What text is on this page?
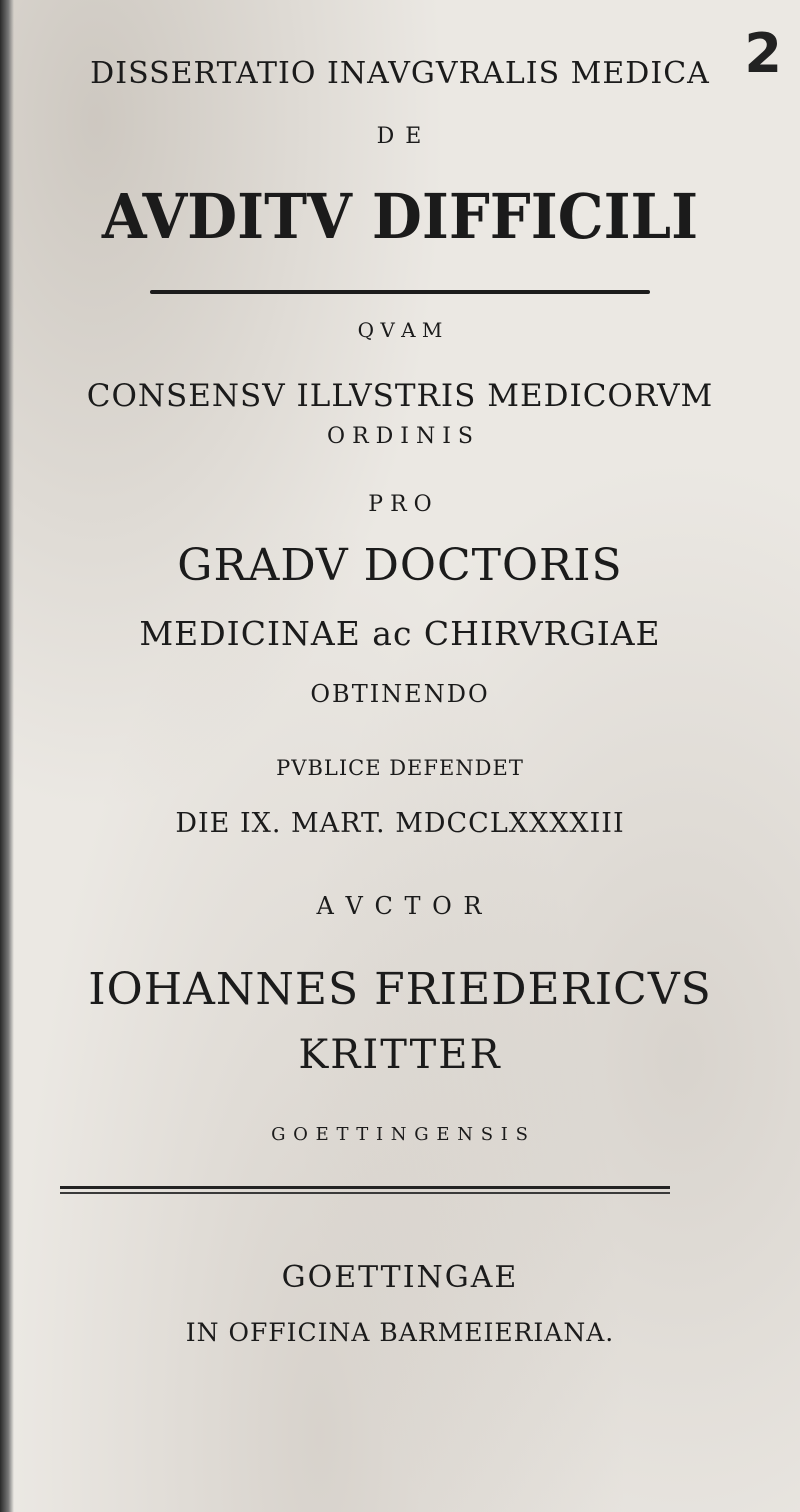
2
DISSERTATIO INAVGVRALIS MEDICA
D E
AVDITV DIFFICILI
Q V A M
CONSENSV ILLVSTRIS MEDICORVM
O R D I N I S
P R O
GRADV DOCTORIS
MEDICINAE ac CHIRVRGIAE
OBTINENDO
PVBLICE DEFENDET
DIE IX. MART. MDCCLXXXXIII
A V C T O R
IOHANNES FRIEDERICVS
KRITTER
G O E T T I N G E N S I S
GOETTINGAE
IN OFFICINA BARMEIERIANA.
